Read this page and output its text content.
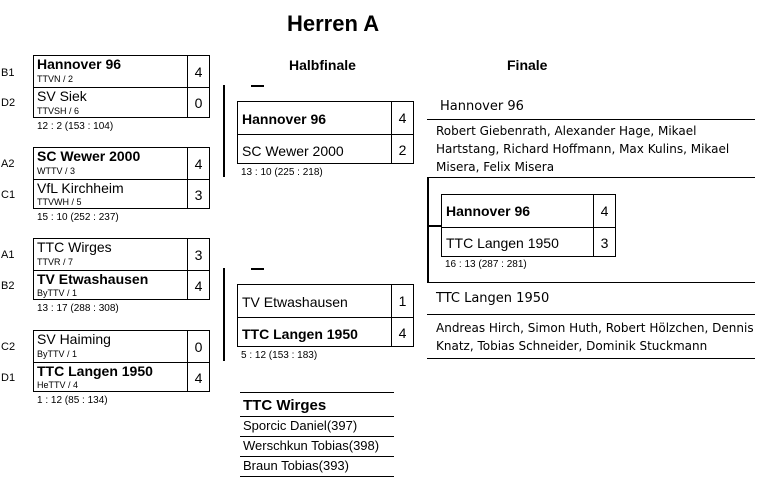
Herren A
Halbfinale	Finale
B1
D2
Hannover 96
TTVN / 2	4
SV Siek
TTVSH / 6	0
12 : 2 (153 : 104)
A2
C1
SC Wewer 2000
WTTV / 3	4
VfL Kirchheim
TTVWH / 5	3
15 : 10 (252 : 237)
A1
B2
TTC Wirges
TTVR / 7	3
TV Etwashausen
ByTTV / 1	4
13 : 17 (288 : 308)
C2
D1
SV Haiming
ByTTV / 1	0
TTC Langen 1950
HeTTV / 4	4
1 : 12 (85 : 134)
Hannover 96	4
SC Wewer 2000	2
13 : 10 (225 : 218)
TV Etwashausen	1
TTC Langen 1950	4
5 : 12 (153 : 183)
Hannover 96
Robert Giebenrath, Alexander Hage, Mikael Hartstang, Richard Hoffmann, Max Kulins, Mikael Misera, Felix Misera
Hannover 96	4
TTC Langen 1950	3
16 : 13 (287 : 281)
TTC Langen 1950
Andreas Hirch, Simon Huth, Robert Hölzchen, Dennis Knatz, Tobias Schneider, Dominik Stuckmann
TTC Wirges
Sporcic Daniel(397)
Werschkun Tobias(398)
Braun Tobias(393)
